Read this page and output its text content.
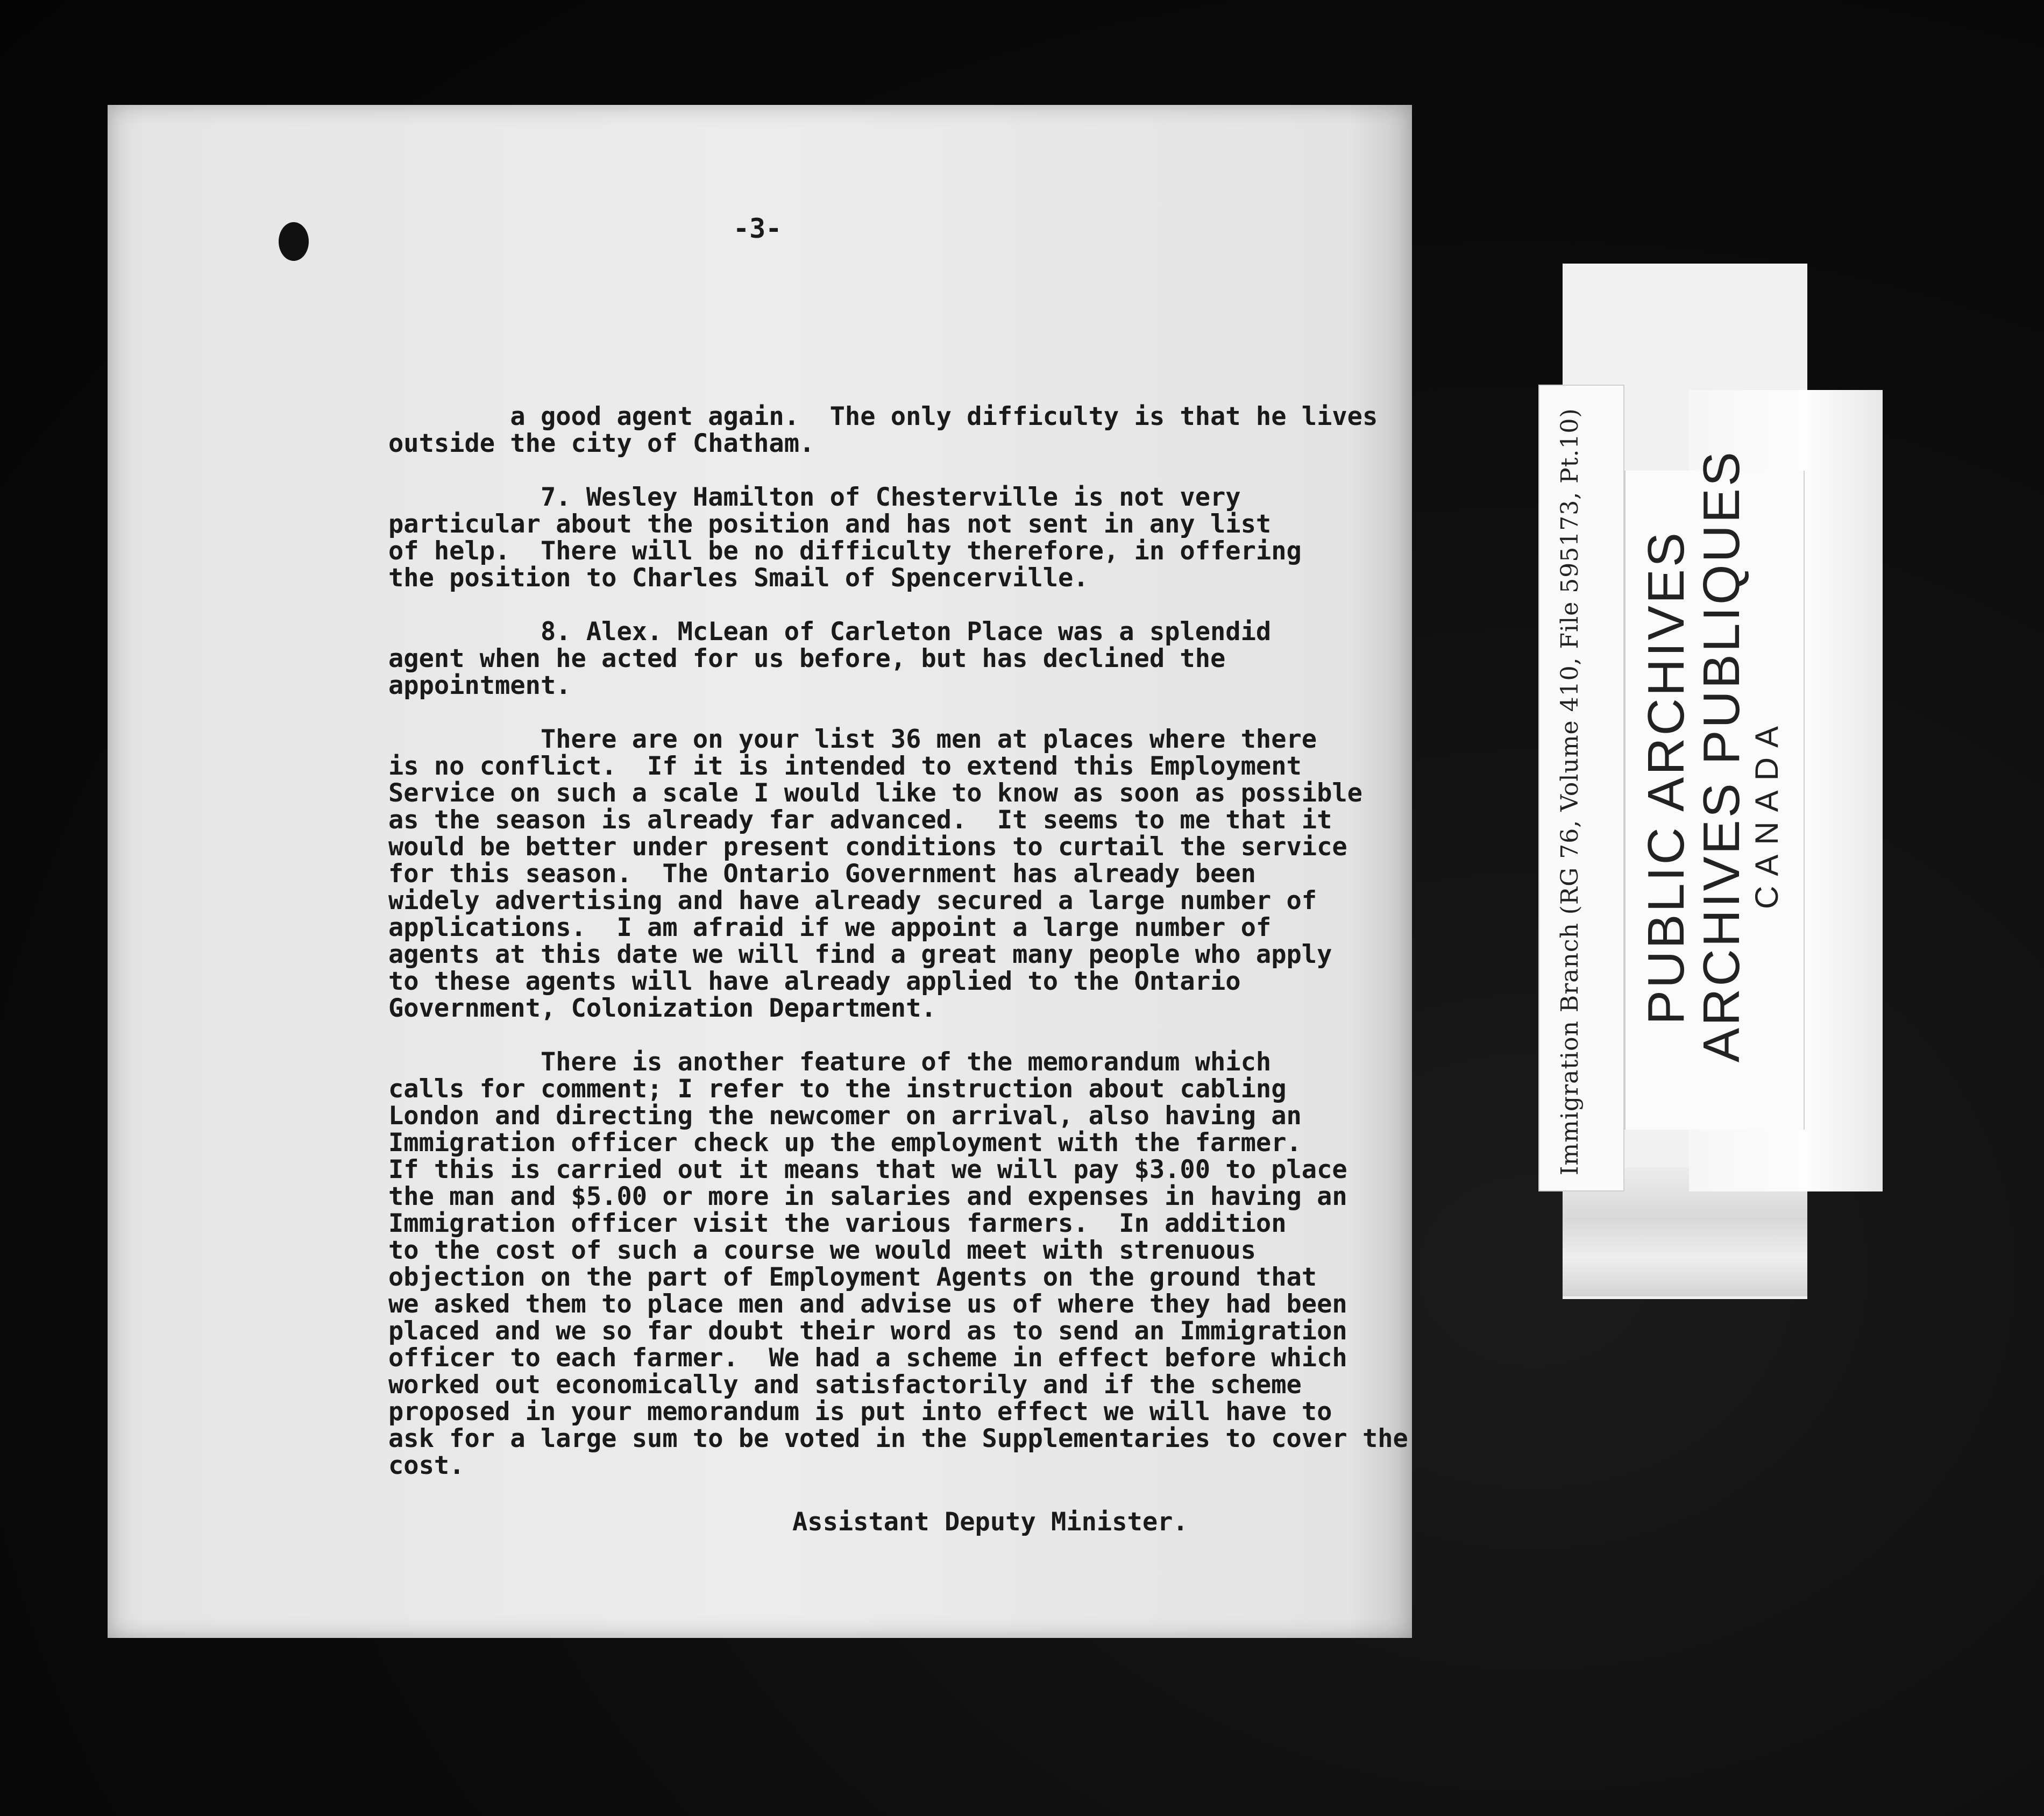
-3-

a good agent again.  The only difficulty is that he lives
outside the city of Chatham.
7. Wesley Hamilton of Chesterville is not very
particular about the position and has not sent in any list
of help.  There will be no difficulty therefore, in offering
the position to Charles Smail of Spencerville.
8. Alex. McLean of Carleton Place was a splendid
agent when he acted for us before, but has declined the
appointment.
There are on your list 36 men at places where there
is no conflict.  If it is intended to extend this Employment
Service on such a scale I would like to know as soon as possible
as the season is already far advanced.  It seems to me that it
would be better under present conditions to curtail the service
for this season.  The Ontario Government has already been
widely advertising and have already secured a large number of
applications.  I am afraid if we appoint a large number of
agents at this date we will find a great many people who apply
to these agents will have already applied to the Ontario
Government, Colonization Department.
There is another feature of the memorandum which
calls for comment; I refer to the instruction about cabling
London and directing the newcomer on arrival, also having an
Immigration officer check up the employment with the farmer.
If this is carried out it means that we will pay $3.00 to place
the man and $5.00 or more in salaries and expenses in having an
Immigration officer visit the various farmers.  In addition
to the cost of such a course we would meet with strenuous
objection on the part of Employment Agents on the ground that
we asked them to place men and advise us of where they had been
placed and we so far doubt their word as to send an Immigration
officer to each farmer.  We had a scheme in effect before which
worked out economically and satisfactorily and if the scheme
proposed in your memorandum is put into effect we will have to
ask for a large sum to be voted in the Supplementaries to cover the
cost.

Assistant Deputy Minister.
Immigration Branch (RG 76, Volume 410, File 595173, Pt.10) PUBLIC ARCHIVES
ARCHIVES PUBLIQUES
CANADA
